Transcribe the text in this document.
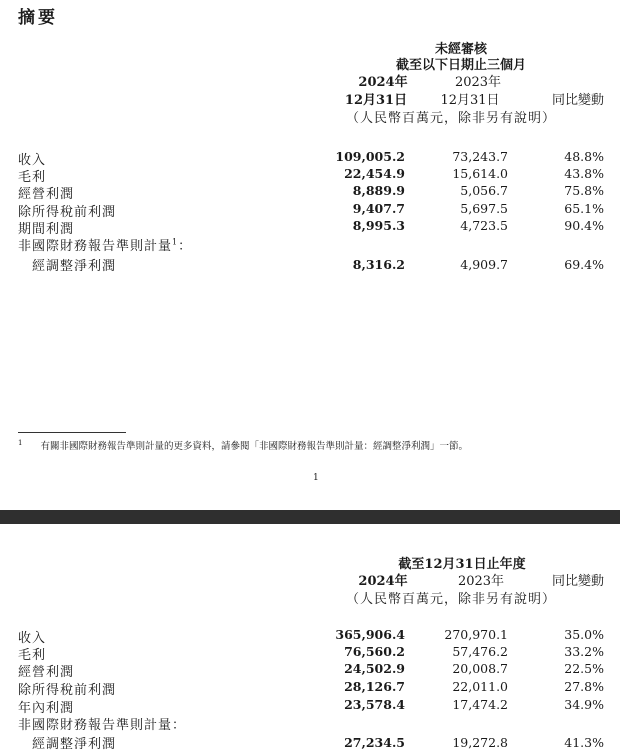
摘要
未經審核
截至以下日期止三個月
2024年	2023年
12月31日	12月31日	同比變動
（人民幣百萬元，除非另有說明）
收入	109,005.2	73,243.7	48.8%
毛利	22,454.9	15,614.0	43.8%
經營利潤	8,889.9	5,056.7	75.8%
除所得稅前利潤	9,407.7	5,697.5	65.1%
期間利潤	8,995.3	4,723.5	90.4%
非國際財務報告準則計量$^1$：
經調整淨利潤	8,316.2	4,909.7	69.4%
$^1$ 有關非國際財務報告準則計量的更多資料，請參閱「非國際財務報告準則計量：經調整淨利潤」一節。
1
截至12月31日止年度
2024年	2023年	同比變動
（人民幣百萬元，除非另有說明）
收入	365,906.4	270,970.1	35.0%
毛利	76,560.2	57,476.2	33.2%
經營利潤	24,502.9	20,008.7	22.5%
除所得稅前利潤	28,126.7	22,011.0	27.8%
年內利潤	23,578.4	17,474.2	34.9%
非國際財務報告準則計量：
經調整淨利潤	27,234.5	19,272.8	41.3%
